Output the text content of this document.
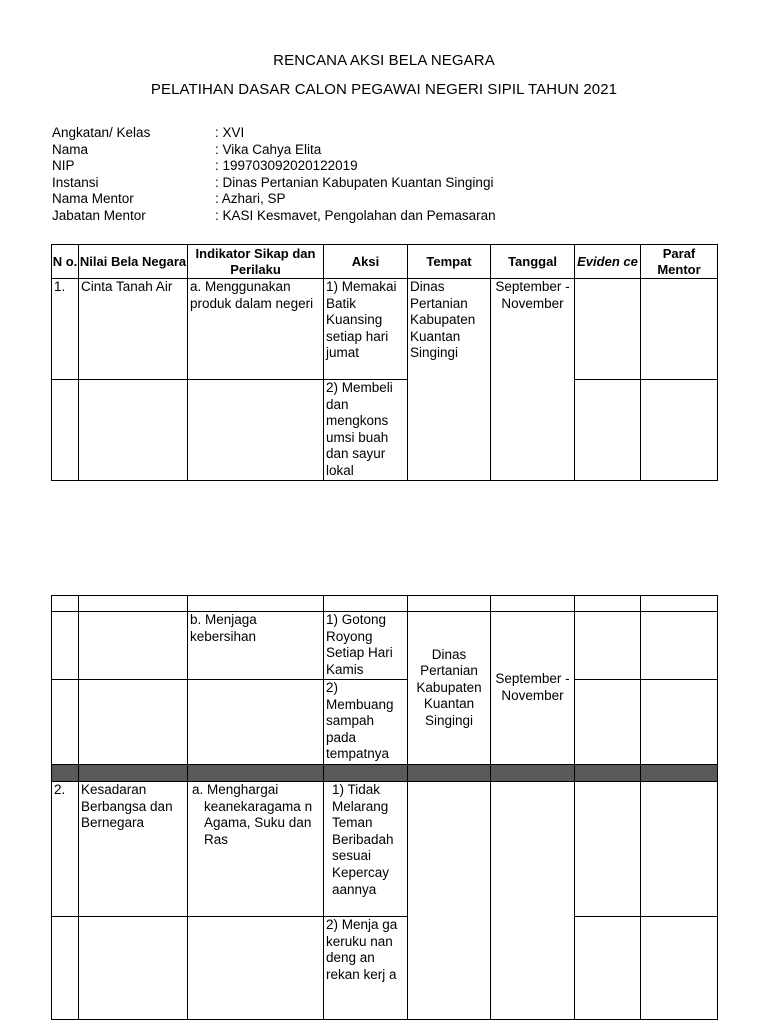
RENCANA AKSI BELA NEGARA
PELATIHAN DASAR CALON PEGAWAI NEGERI SIPIL TAHUN 2021
Angkatan/ Kelas	: XVI
Nama	: Vika Cahya Elita
NIP	: 199703092020122019
Instansi	: Dinas Pertanian Kabupaten Kuantan Singingi
Nama Mentor	: Azhari, SP
Jabatan Mentor	: KASI Kesmavet, Pengolahan dan Pemasaran
N o.	Nilai Bela Negara	Indikator Sikap dan Perilaku	Aksi	Tempat	Tanggal	Eviden ce	Paraf Mentor
1.	Cinta Tanah Air	a. Menggunakan produk dalam negeri	1) Memakai Batik Kuansing setiap hari jumat	Dinas Pertanian Kabupaten Kuantan Singingi	September - November		
			2) Membeli dan mengkons umsi buah dan sayur lokal				

		b. Menjaga kebersihan	1) Gotong Royong Setiap Hari Kamis	Dinas Pertanian Kabupaten Kuantan Singingi	September - November		
			2) Membuang sampah pada tempatnya				

2.	Kesadaran Berbangsa dan Bernegara	a. Menghargai keanekaragama n Agama, Suku dan Ras	1) Tidak Melarang Teman Beribadah sesuai Kepercay aannya				
			2) Menja ga keruku nan deng an rekan kerj a				
